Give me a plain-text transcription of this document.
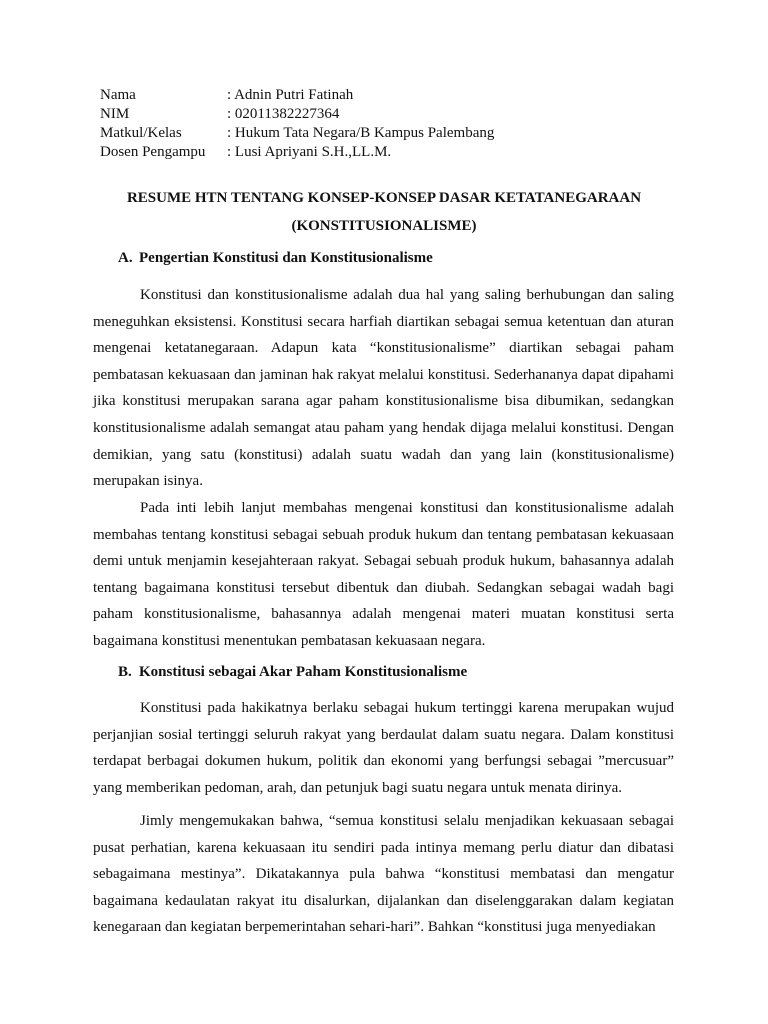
Nama	: Adnin Putri Fatinah
NIM	: 02011382227364
Matkul/Kelas	: Hukum Tata Negara/B Kampus Palembang
Dosen Pengampu	: Lusi Apriyani S.H.,LL.M.
RESUME HTN TENTANG KONSEP-KONSEP DASAR KETATANEGARAAN
(KONSTITUSIONALISME)
A. Pengertian Konstitusi dan Konstitusionalisme

Konstitusi dan konstitusionalisme adalah dua hal yang saling berhubungan dan saling meneguhkan eksistensi. Konstitusi secara harfiah diartikan sebagai semua ketentuan dan aturan mengenai ketatanegaraan. Adapun kata “konstitusionalisme” diartikan sebagai paham pembatasan kekuasaan dan jaminan hak rakyat melalui konstitusi. Sederhananya dapat dipahami jika konstitusi merupakan sarana agar paham konstitusionalisme bisa dibumikan, sedangkan konstitusionalisme adalah semangat atau paham yang hendak dijaga melalui konstitusi. Dengan demikian, yang satu (konstitusi) adalah suatu wadah dan yang lain (konstitusionalisme) merupakan isinya.

Pada inti lebih lanjut membahas mengenai konstitusi dan konstitusionalisme adalah membahas tentang konstitusi sebagai sebuah produk hukum dan tentang pembatasan kekuasaan demi untuk menjamin kesejahteraan rakyat. Sebagai sebuah produk hukum, bahasannya adalah tentang bagaimana konstitusi tersebut dibentuk dan diubah. Sedangkan sebagai wadah bagi paham konstitusionalisme, bahasannya adalah mengenai materi muatan konstitusi serta bagaimana konstitusi menentukan pembatasan kekuasaan negara.

B. Konstitusi sebagai Akar Paham Konstitusionalisme

Konstitusi pada hakikatnya berlaku sebagai hukum tertinggi karena merupakan wujud perjanjian sosial tertinggi seluruh rakyat yang berdaulat dalam suatu negara. Dalam konstitusi terdapat berbagai dokumen hukum, politik dan ekonomi yang berfungsi sebagai ”mercusuar” yang memberikan pedoman, arah, dan petunjuk bagi suatu negara untuk menata dirinya.

Jimly mengemukakan bahwa, “semua konstitusi selalu menjadikan kekuasaan sebagai pusat perhatian, karena kekuasaan itu sendiri pada intinya memang perlu diatur dan dibatasi sebagaimana mestinya”. Dikatakannya pula bahwa “konstitusi membatasi dan mengatur bagaimana kedaulatan rakyat itu disalurkan, dijalankan dan diselenggarakan dalam kegiatan kenegaraan dan kegiatan berpemerintahan sehari-hari”. Bahkan “konstitusi juga menyediakan
